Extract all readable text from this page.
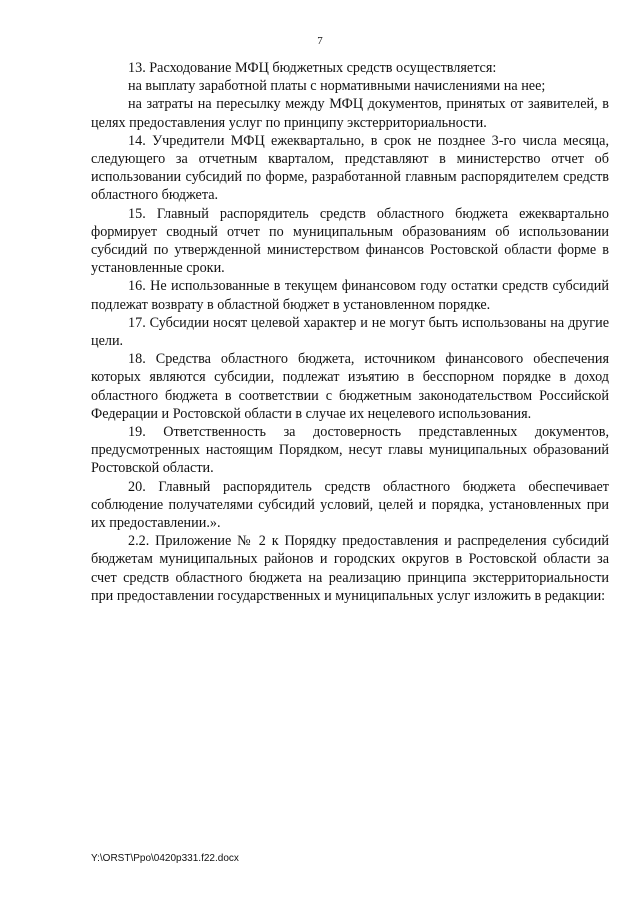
7

13. Расходование МФЦ бюджетных средств осуществляется:

на выплату заработной платы с нормативными начислениями на нее;

на затраты на пересылку между МФЦ документов, принятых от заявителей, в целях предоставления услуг по принципу экстерриториальности.

14. Учредители МФЦ ежеквартально, в срок не позднее 3-го числа месяца, следующего за отчетным кварталом, представляют в министерство отчет об использовании субсидий по форме, разработанной главным распорядителем средств областного бюджета.

15. Главный распорядитель средств областного бюджета ежеквартально формирует сводный отчет по муниципальным образованиям об использовании субсидий по утвержденной министерством финансов Ростовской области форме в установленные сроки.

16. Не использованные в текущем финансовом году остатки средств субсидий подлежат возврату в областной бюджет в установленном порядке.

17. Субсидии носят целевой характер и не могут быть использованы на другие цели.

18. Средства областного бюджета, источником финансового обеспечения которых являются субсидии, подлежат изъятию в бесспорном порядке в доход областного бюджета в соответствии с бюджетным законодательством Российской Федерации и Ростовской области в случае их нецелевого использования.

19. Ответственность за достоверность представленных документов, предусмотренных настоящим Порядком, несут главы муниципальных образований Ростовской области.

20. Главный распорядитель средств областного бюджета обеспечивает соблюдение получателями субсидий условий, целей и порядка, установленных при их предоставлении.».

2.2. Приложение № 2 к Порядку предоставления и распределения субсидий бюджетам муниципальных районов и городских округов в Ростовской области за счет средств областного бюджета на реализацию принципа экстерриториальности при предоставлении государственных и муниципальных услуг изложить в редакции:

Y:\ORST\Ppo\0420p331.f22.docx
